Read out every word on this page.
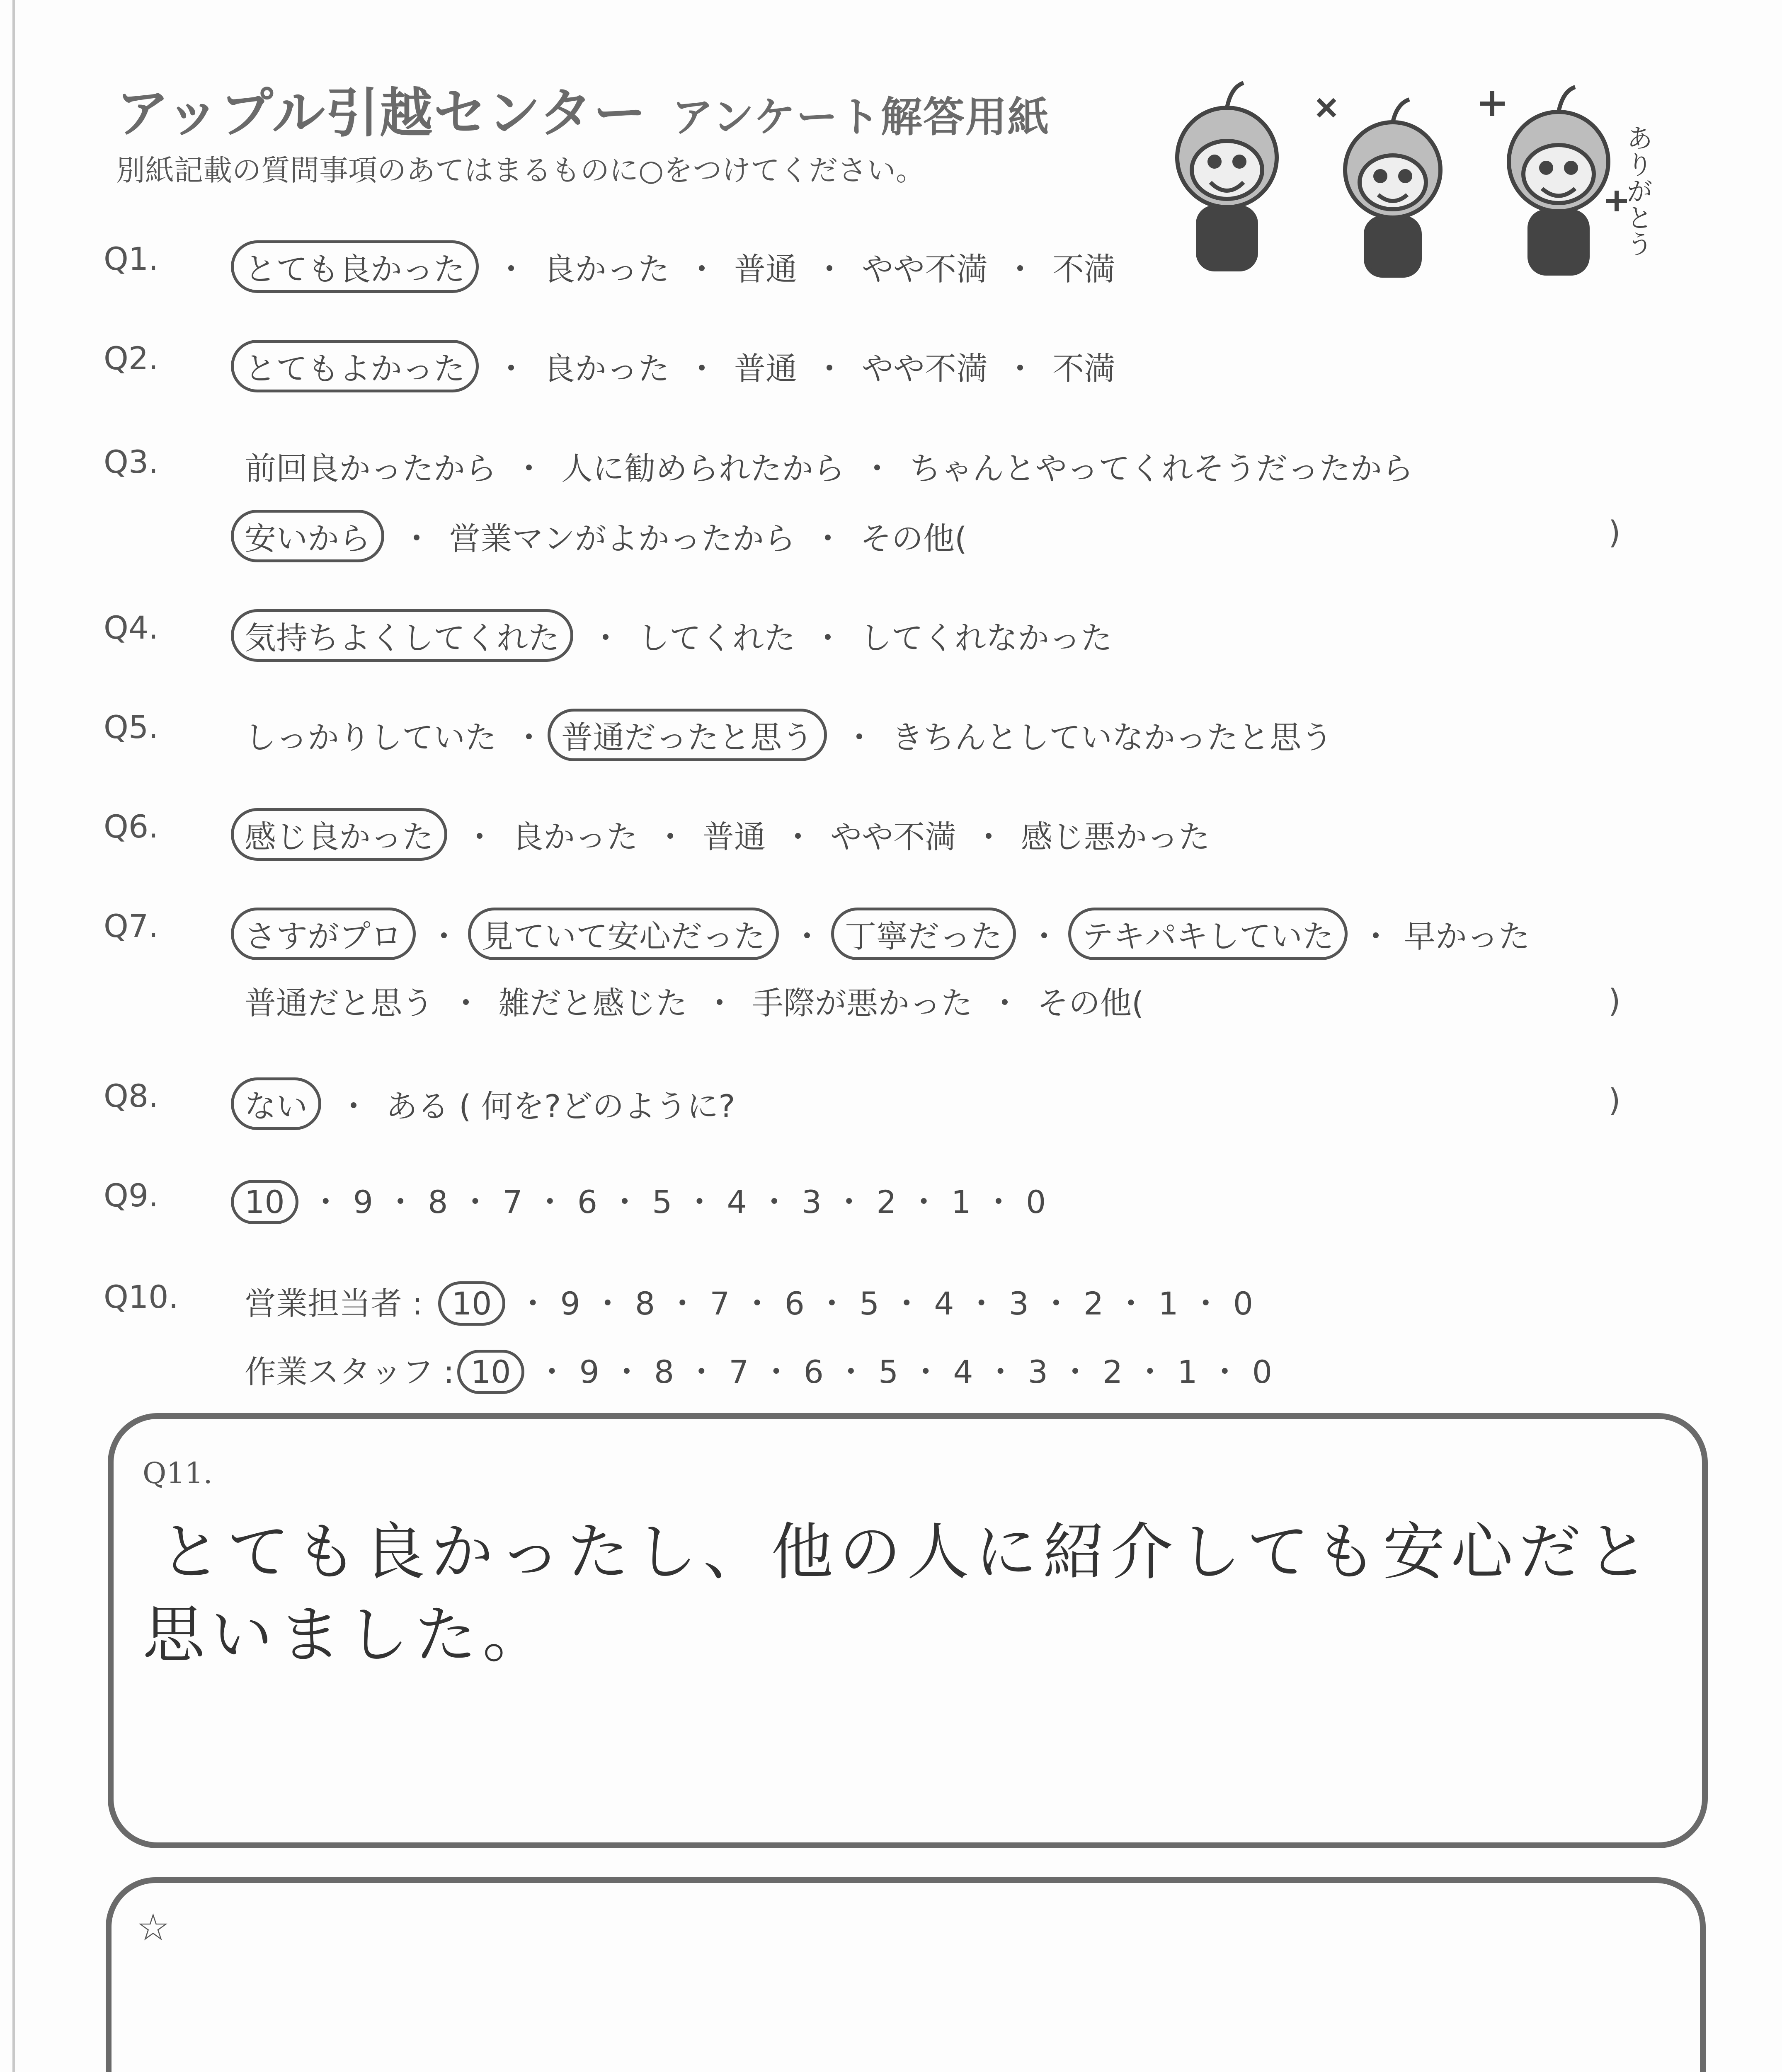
アップル引越センター アンケート解答用紙
別紙記載の質問事項のあてはまるものに○をつけてください。	ありがとう
Q1.	とても良かった ・ 良かった ・ 普通 ・ やや不満 ・ 不満
Q2.	とてもよかった ・ 良かった ・ 普通 ・ やや不満 ・ 不満
Q3.	前回良かったから ・ 人に勧められたから ・ ちゃんとやってくれそうだったから
安いから ・ 営業マンがよかったから ・ その他(	)
Q4.	気持ちよくしてくれた ・ してくれた ・ してくれなかった
Q5.	しっかりしていた ・ 普通だったと思う ・ きちんとしていなかったと思う
Q6.	感じ良かった ・ 良かった ・ 普通 ・ やや不満 ・ 感じ悪かった
Q7.	さすがプロ ・ 見ていて安心だった ・ 丁寧だった ・ テキパキしていた ・ 早かった
普通だと思う ・ 雑だと感じた ・ 手際が悪かった ・ その他(	)
Q8.	ない ・ ある ( 何を?どのように?	)
Q9.	10 ・ 9 ・ 8 ・ 7 ・ 6 ・ 5 ・ 4 ・ 3 ・ 2 ・ 1 ・ 0
Q10. 営業担当者 : 10 ・ 9 ・ 8 ・ 7 ・ 6 ・ 5 ・ 4 ・ 3 ・ 2 ・ 1 ・ 0
作業スタッフ : 10 ・ 9 ・ 8 ・ 7 ・ 6 ・ 5 ・ 4 ・ 3 ・ 2 ・ 1 ・ 0
Q11.
とても良かったし、他の人に紹介しても安心だと
思いました。
☆
